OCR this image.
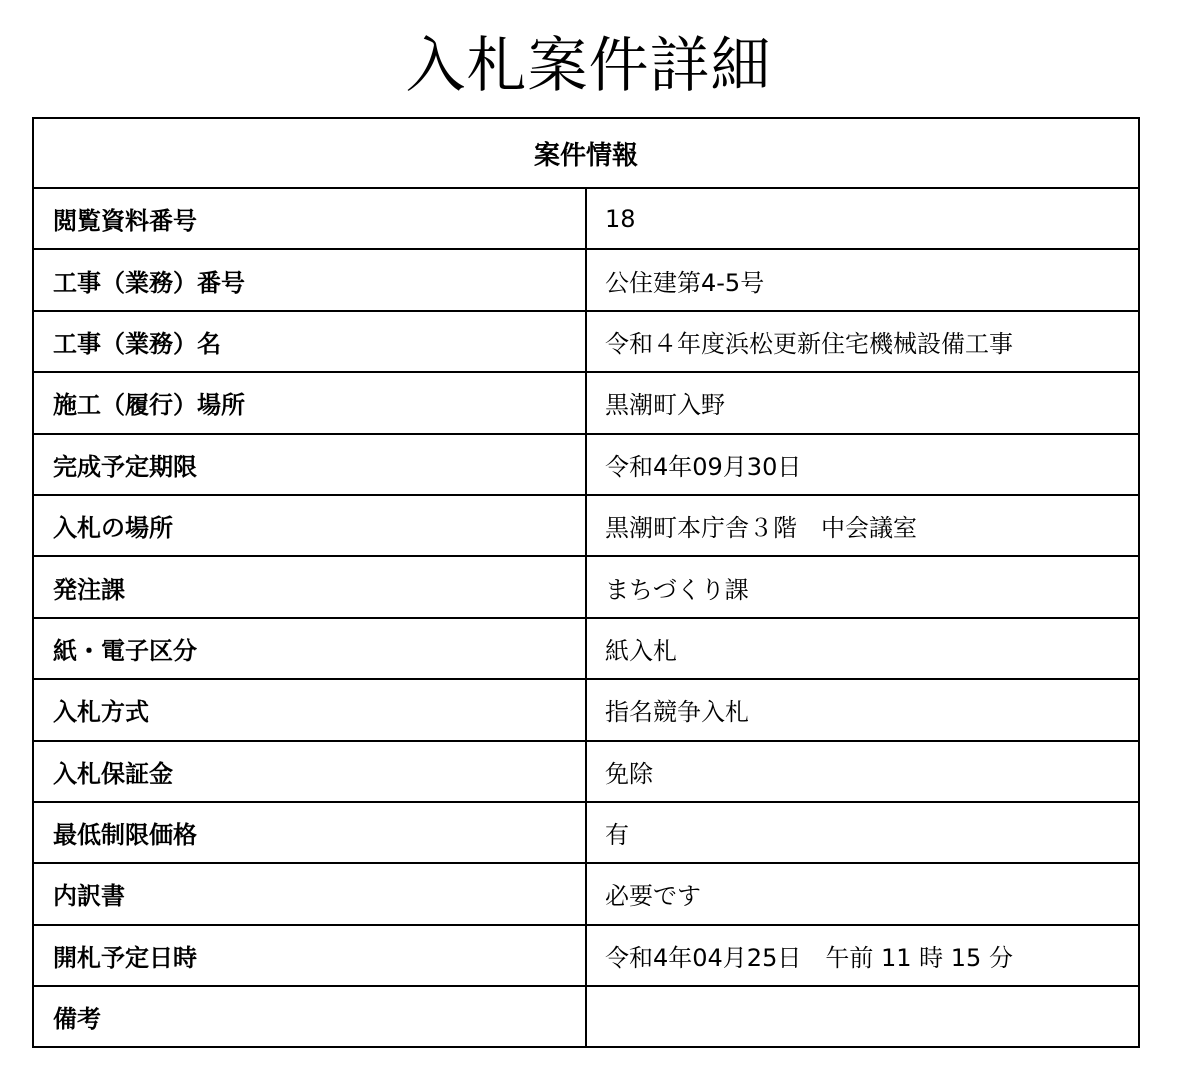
入札案件詳細
案件情報	
閲覧資料番号	18
工事（業務）番号	公住建第4-5号
工事（業務）名	令和４年度浜松更新住宅機械設備工事
施工（履行）場所	黒潮町入野
完成予定期限	令和4年09月30日
入札の場所	黒潮町本庁舎３階　中会議室
発注課	まちづくり課
紙・電子区分	紙入札
入札方式	指名競争入札
入札保証金	免除
最低制限価格	有
内訳書	必要です
開札予定日時	令和4年04月25日　午前 11 時 15 分
備考	
